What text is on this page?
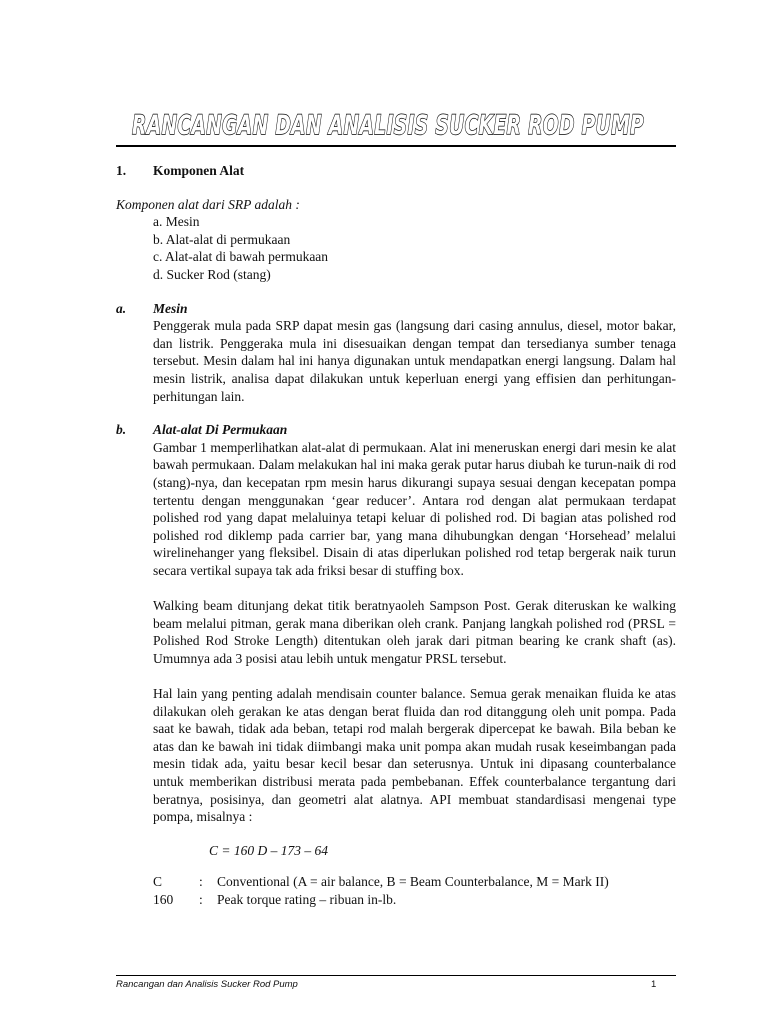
RANCANGAN DAN ANALISIS SUCKER ROD PUMP
1.	Komponen Alat
Komponen alat dari SRP adalah :
a. Mesin
b. Alat-alat di permukaan
c. Alat-alat di bawah permukaan
d. Sucker Rod (stang)
a.	Mesin
Penggerak mula pada SRP dapat mesin gas (langsung dari casing annulus, diesel, motor bakar, dan listrik. Penggeraka mula ini disesuaikan dengan tempat dan tersedianya sumber tenaga tersebut. Mesin dalam hal ini hanya digunakan untuk mendapatkan energi langsung. Dalam hal mesin listrik, analisa dapat dilakukan untuk keperluan energi yang effisien dan perhitungan-perhitungan lain.
b.	Alat-alat Di Permukaan
Gambar 1 memperlihatkan alat-alat di permukaan. Alat ini meneruskan energi dari mesin ke alat bawah permukaan. Dalam melakukan hal ini maka gerak putar harus diubah ke turun-naik di rod (stang)-nya, dan kecepatan rpm mesin harus dikurangi supaya sesuai dengan kecepatan pompa tertentu dengan menggunakan ‘gear reducer’. Antara rod dengan alat permukaan terdapat polished rod yang dapat melaluinya tetapi keluar di polished rod. Di bagian atas polished rod polished rod diklemp pada carrier bar, yang mana dihubungkan dengan ‘Horsehead’ melalui wirelinehanger yang fleksibel. Disain di atas diperlukan polished rod tetap bergerak naik turun secara vertikal supaya tak ada friksi besar di stuffing box.
Walking beam ditunjang dekat titik beratnyaoleh Sampson Post. Gerak diteruskan ke walking beam melalui pitman, gerak mana diberikan oleh crank. Panjang langkah polished rod (PRSL = Polished Rod Stroke Length) ditentukan oleh jarak dari pitman bearing ke crank shaft (as). Umumnya ada 3 posisi atau lebih untuk mengatur PRSL tersebut.
Hal lain yang penting adalah mendisain counter balance. Semua gerak menaikan fluida ke atas dilakukan oleh gerakan ke atas dengan berat fluida dan rod ditanggung oleh unit pompa. Pada saat ke bawah, tidak ada beban, tetapi rod malah bergerak dipercepat ke bawah. Bila beban ke atas dan ke bawah ini tidak diimbangi maka unit pompa akan mudah rusak keseimbangan pada mesin tidak ada, yaitu besar kecil besar dan seterusnya. Untuk ini dipasang counterbalance untuk memberikan distribusi merata pada pembebanan. Effek counterbalance tergantung dari beratnya, posisinya, dan geometri alat alatnya. API membuat standardisasi mengenai type pompa, misalnya :
C = 160 D – 173 – 64
C	:	Conventional (A = air balance, B = Beam Counterbalance, M = Mark II)
160	:	Peak torque rating – ribuan in-lb.
Rancangan dan Analisis Sucker Rod Pump	1
